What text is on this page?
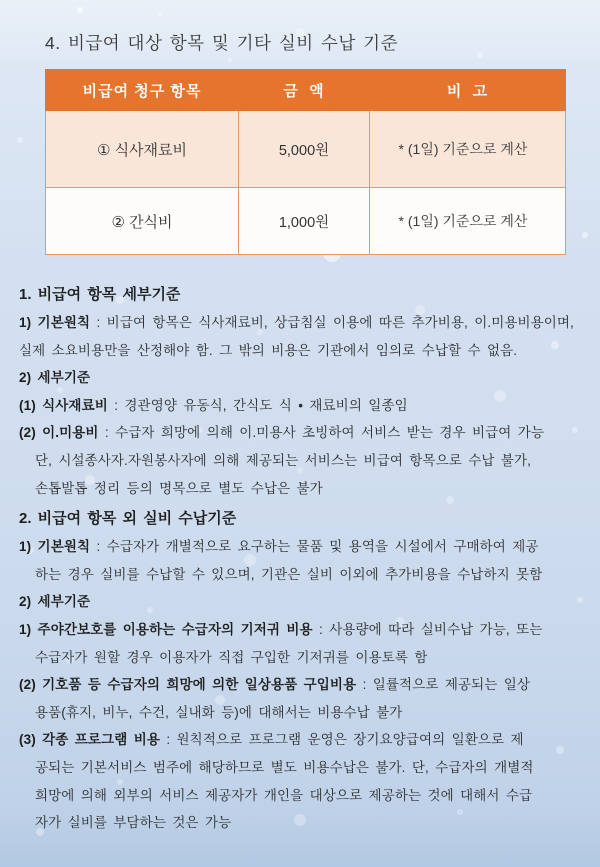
4. 비급여 대상 항목 및 기타 실비 수납 기준
비급여 청구 항목	금  액	비  고
① 식사재료비	5,000원	* (1일) 기준으로 계산
② 간식비	1,000원	* (1일) 기준으로 계산
1. 비급여 항목 세부기준
1) 기본원칙 : 비급여 항목은 식사재료비, 상급침실 이용에 따른 추가비용, 이.미용비용이며,
실제 소요비용만을 산정해야 함. 그 밖의 비용은 기관에서 임의로 수납할 수 없음.
2) 세부기준
(1) 식사재료비 : 경관영양 유동식, 간식도 식 • 재료비의 일종임
(2) 이.미용비 : 수급자 희망에 의해 이.미용사 초빙하여 서비스 받는 경우 비급여 가능
단, 시설종사자.자원봉사자에 의해 제공되는 서비스는 비급여 항목으로 수납 불가,
손톱발톱 정리 등의 명목으로 별도 수납은 불가
2. 비급여 항목 외 실비 수납기준
1) 기본원칙 : 수급자가 개별적으로 요구하는 물품 및 용역을 시설에서 구매하여 제공
하는 경우 실비를 수납할 수 있으며, 기관은 실비 이외에 추가비용을 수납하지 못함
2) 세부기준
1) 주야간보호를 이용하는 수급자의 기저귀 비용 : 사용량에 따라 실비수납 가능, 또는
수급자가 원할 경우 이용자가 직접 구입한 기저귀를 이용토록 함
(2) 기호품 등 수급자의 희망에 의한 일상용품 구입비용 : 일률적으로 제공되는 일상
용품(휴지, 비누, 수건, 실내화 등)에 대해서는 비용수납 불가
(3) 각종 프로그램 비용 : 원칙적으로 프로그램 운영은 장기요양급여의 일환으로 제
공되는 기본서비스 범주에 해당하므로 별도 비용수납은 불가. 단, 수급자의 개별적
희망에 의해 외부의 서비스 제공자가 개인을 대상으로 제공하는 것에 대해서 수급
자가 실비를 부담하는 것은 가능
